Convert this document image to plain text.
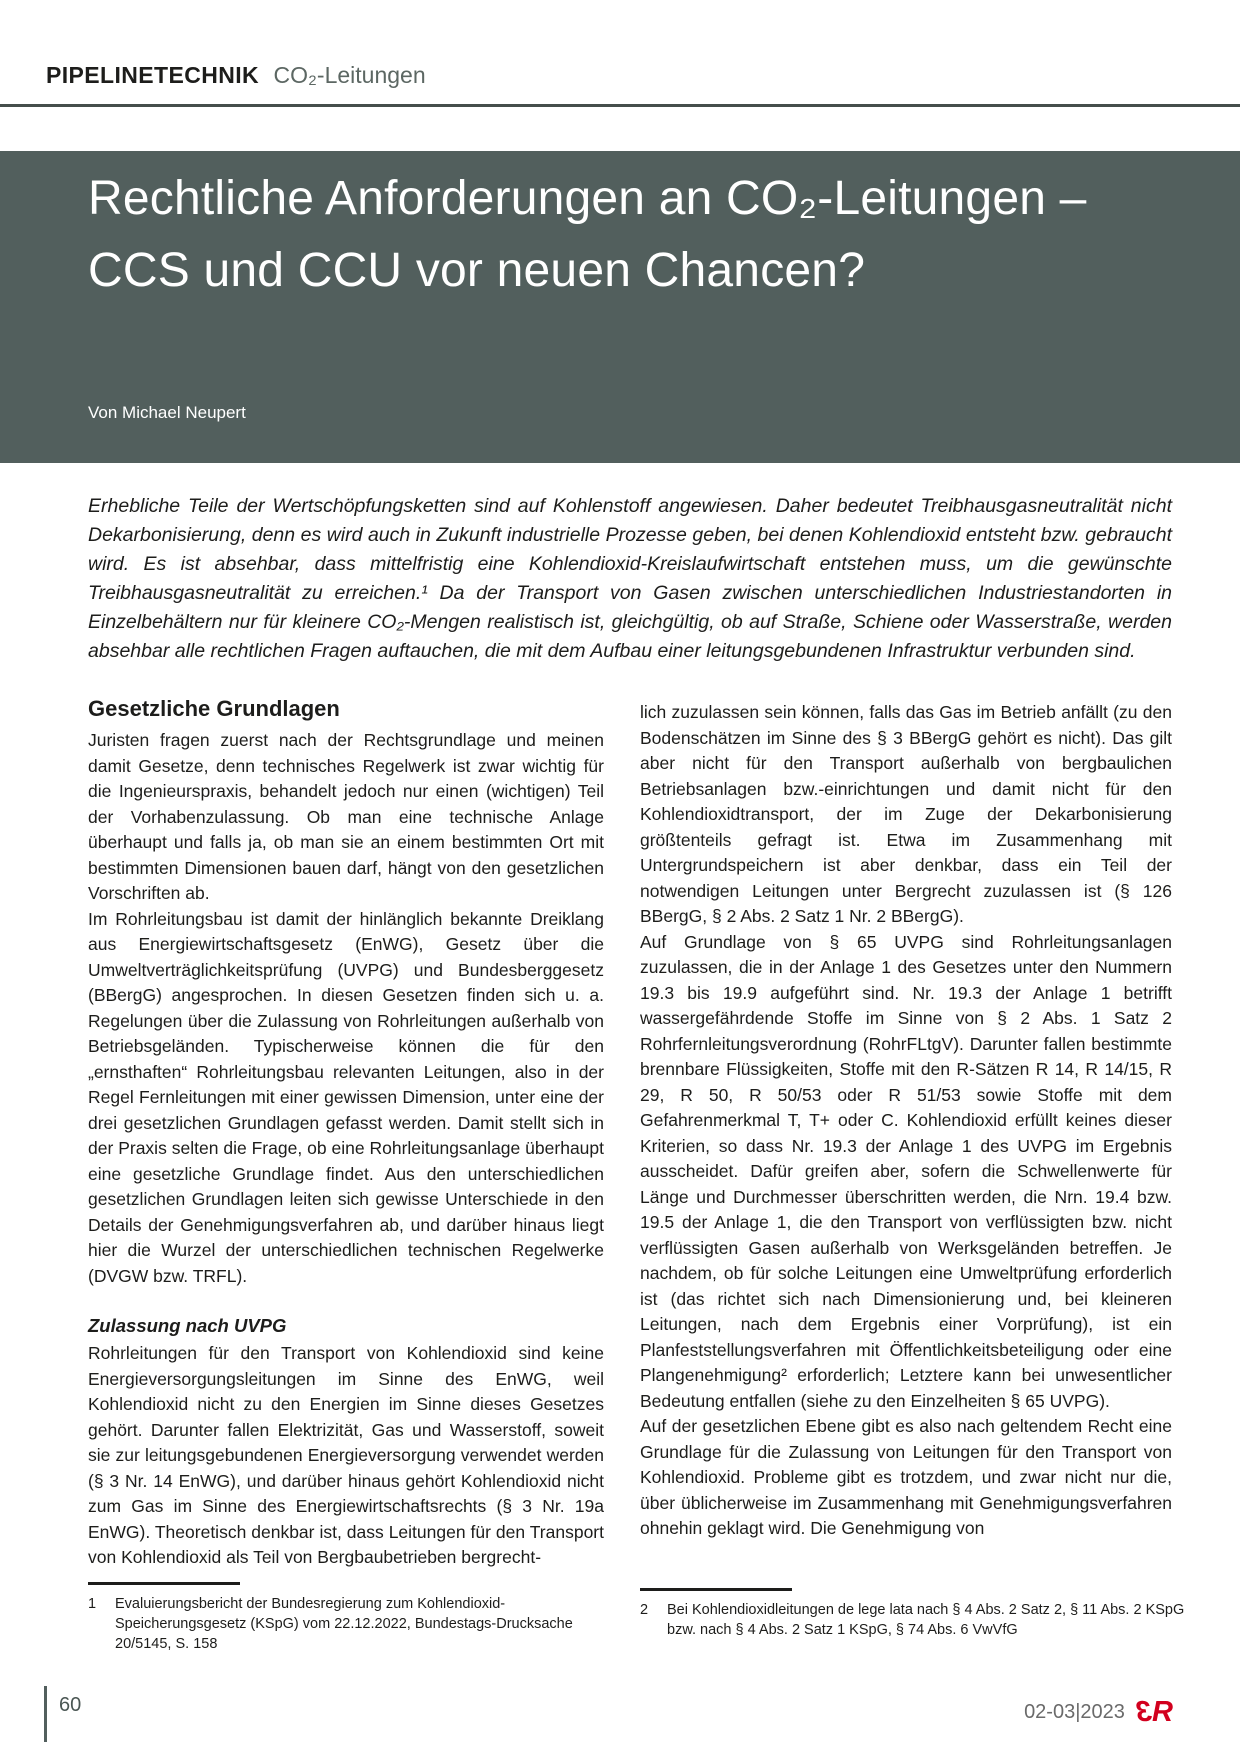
PIPELINETECHNIK CO₂-Leitungen
Rechtliche Anforderungen an CO₂-Leitungen – CCS und CCU vor neuen Chancen?
Von Michael Neupert

Erhebliche Teile der Wertschöpfungsketten sind auf Kohlenstoff angewiesen. Daher bedeutet Treibhausgasneutralität nicht Dekarbonisierung, denn es wird auch in Zukunft industrielle Prozesse geben, bei denen Kohlendioxid entsteht bzw. gebraucht wird. Es ist absehbar, dass mittelfristig eine Kohlendioxid-Kreislaufwirtschaft entstehen muss, um die gewünschte Treibhausgasneutralität zu erreichen.¹ Da der Transport von Gasen zwischen unterschiedlichen Industriestandorten in Einzelbehältern nur für kleinere CO₂-Mengen realistisch ist, gleichgültig, ob auf Straße, Schiene oder Wasserstraße, werden absehbar alle rechtlichen Fragen auftauchen, die mit dem Aufbau einer leitungsgebundenen Infrastruktur verbunden sind.

Gesetzliche Grundlagen

Juristen fragen zuerst nach der Rechtsgrundlage und meinen damit Gesetze, denn technisches Regelwerk ist zwar wichtig für die Ingenieurspraxis, behandelt jedoch nur einen (wichtigen) Teil der Vorhabenzulassung. Ob man eine technische Anlage überhaupt und falls ja, ob man sie an einem bestimmten Ort mit bestimmten Dimensionen bauen darf, hängt von den gesetzlichen Vorschriften ab.

Im Rohrleitungsbau ist damit der hinlänglich bekannte Dreiklang aus Energiewirtschaftsgesetz (EnWG), Gesetz über die Umweltverträglichkeitsprüfung (UVPG) und Bundesberggesetz (BBergG) angesprochen. In diesen Gesetzen finden sich u. a. Regelungen über die Zulassung von Rohrleitungen außerhalb von Betriebsgeländen. Typischerweise können die für den „ernsthaften“ Rohrleitungsbau relevanten Leitungen, also in der Regel Fernleitungen mit einer gewissen Dimension, unter eine der drei gesetzlichen Grundlagen gefasst werden. Damit stellt sich in der Praxis selten die Frage, ob eine Rohrleitungsanlage überhaupt eine gesetzliche Grundlage findet. Aus den unterschiedlichen gesetzlichen Grundlagen leiten sich gewisse Unterschiede in den Details der Genehmigungsverfahren ab, und darüber hinaus liegt hier die Wurzel der unterschiedlichen technischen Regelwerke (DVGW bzw. TRFL).

Zulassung nach UVPG

Rohrleitungen für den Transport von Kohlendioxid sind keine Energieversorgungsleitungen im Sinne des EnWG, weil Kohlendioxid nicht zu den Energien im Sinne dieses Gesetzes gehört. Darunter fallen Elektrizität, Gas und Wasserstoff, soweit sie zur leitungsgebundenen Energieversorgung verwendet werden (§ 3 Nr. 14 EnWG), und darüber hinaus gehört Kohlendioxid nicht zum Gas im Sinne des Energiewirtschaftsrechts (§ 3 Nr. 19a EnWG). Theoretisch denkbar ist, dass Leitungen für den Transport von Kohlendioxid als Teil von Bergbaubetrieben bergrecht-

lich zuzulassen sein können, falls das Gas im Betrieb anfällt (zu den Bodenschätzen im Sinne des § 3 BBergG gehört es nicht). Das gilt aber nicht für den Transport außerhalb von bergbaulichen Betriebsanlagen bzw.-einrichtungen und damit nicht für den Kohlendioxidtransport, der im Zuge der Dekarbonisierung größtenteils gefragt ist. Etwa im Zusammenhang mit Untergrundspeichern ist aber denkbar, dass ein Teil der notwendigen Leitungen unter Bergrecht zuzulassen ist (§ 126 BBergG, § 2 Abs. 2 Satz 1 Nr. 2 BBergG).

Auf Grundlage von § 65 UVPG sind Rohrleitungsanlagen zuzulassen, die in der Anlage 1 des Gesetzes unter den Nummern 19.3 bis 19.9 aufgeführt sind. Nr. 19.3 der Anlage 1 betrifft wassergefährdende Stoffe im Sinne von § 2 Abs. 1 Satz 2 Rohrfernleitungsverordnung (RohrFLtgV). Darunter fallen bestimmte brennbare Flüssigkeiten, Stoffe mit den R-Sätzen R 14, R 14/15, R 29, R 50, R 50/53 oder R 51/53 sowie Stoffe mit dem Gefahrenmerkmal T, T+ oder C. Kohlendioxid erfüllt keines dieser Kriterien, so dass Nr. 19.3 der Anlage 1 des UVPG im Ergebnis ausscheidet. Dafür greifen aber, sofern die Schwellenwerte für Länge und Durchmesser überschritten werden, die Nrn. 19.4 bzw. 19.5 der Anlage 1, die den Transport von verflüssigten bzw. nicht verflüssigten Gasen außerhalb von Werksgeländen betreffen. Je nachdem, ob für solche Leitungen eine Umweltprüfung erforderlich ist (das richtet sich nach Dimensionierung und, bei kleineren Leitungen, nach dem Ergebnis einer Vorprüfung), ist ein Planfeststellungsverfahren mit Öffentlichkeitsbeteiligung oder eine Plangenehmigung² erforderlich; Letztere kann bei unwesentlicher Bedeutung entfallen (siehe zu den Einzelheiten § 65 UVPG).

Auf der gesetzlichen Ebene gibt es also nach geltendem Recht eine Grundlage für die Zulassung von Leitungen für den Transport von Kohlendioxid. Probleme gibt es trotzdem, und zwar nicht nur die, über üblicherweise im Zusammenhang mit Genehmigungsverfahren ohnehin geklagt wird. Die Genehmigung von

1	Evaluierungsbericht der Bundesregierung zum Kohlendioxid-Speicherungsgesetz (KSpG) vom 22.12.2022, Bundestags-Drucksache 20/5145, S. 158
2	Bei Kohlendioxidleitungen de lege lata nach § 4 Abs. 2 Satz 2, § 11 Abs. 2 KSpG bzw. nach § 4 Abs. 2 Satz 1 KSpG, § 74 Abs. 6 VwVfG
60	02-03|2023 3R
